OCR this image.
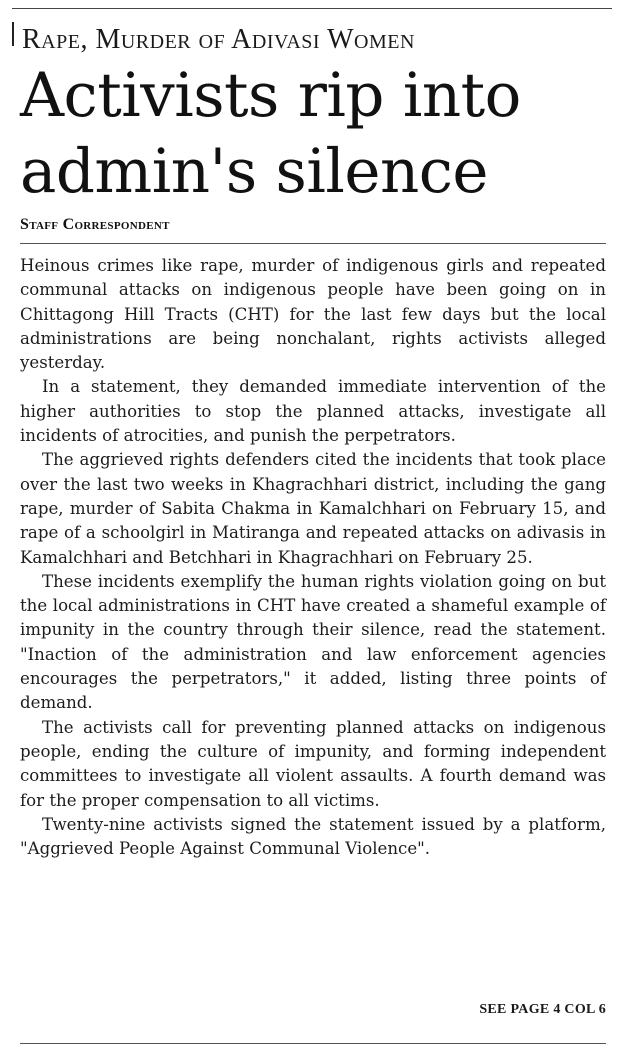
Rape, Murder of Adivasi Women
Activists rip into
admin's silence
Staff Correspondent

Heinous crimes like rape, murder of indigenous girls and repeated communal attacks on indigenous people have been going on in Chittagong Hill Tracts (CHT) for the last few days but the local administrations are being nonchalant, rights activists alleged yesterday.

In a statement, they demanded immediate intervention of the higher authorities to stop the planned attacks, investigate all incidents of atrocities, and punish the perpetrators.

The aggrieved rights defenders cited the incidents that took place over the last two weeks in Khagrachhari district, including the gang rape, murder of Sabita Chakma in Kamalchhari on February 15, and rape of a schoolgirl in Matiranga and repeated attacks on adivasis in Kamalchhari and Betchhari in Khagrachhari on February 25.

These incidents exemplify the human rights violation going on but the local administrations in CHT have created a shameful example of impunity in the country through their silence, read the statement. "Inaction of the administration and law enforcement agencies encourages the perpetrators," it added, listing three points of demand.

The activists call for preventing planned attacks on indigenous people, ending the culture of impunity, and forming independent committees to investigate all violent assaults. A fourth demand was for the proper compensation to all victims.

Twenty-nine activists signed the statement issued by a platform, "Aggrieved People Against Communal Violence".

SEE PAGE 4 COL 6
